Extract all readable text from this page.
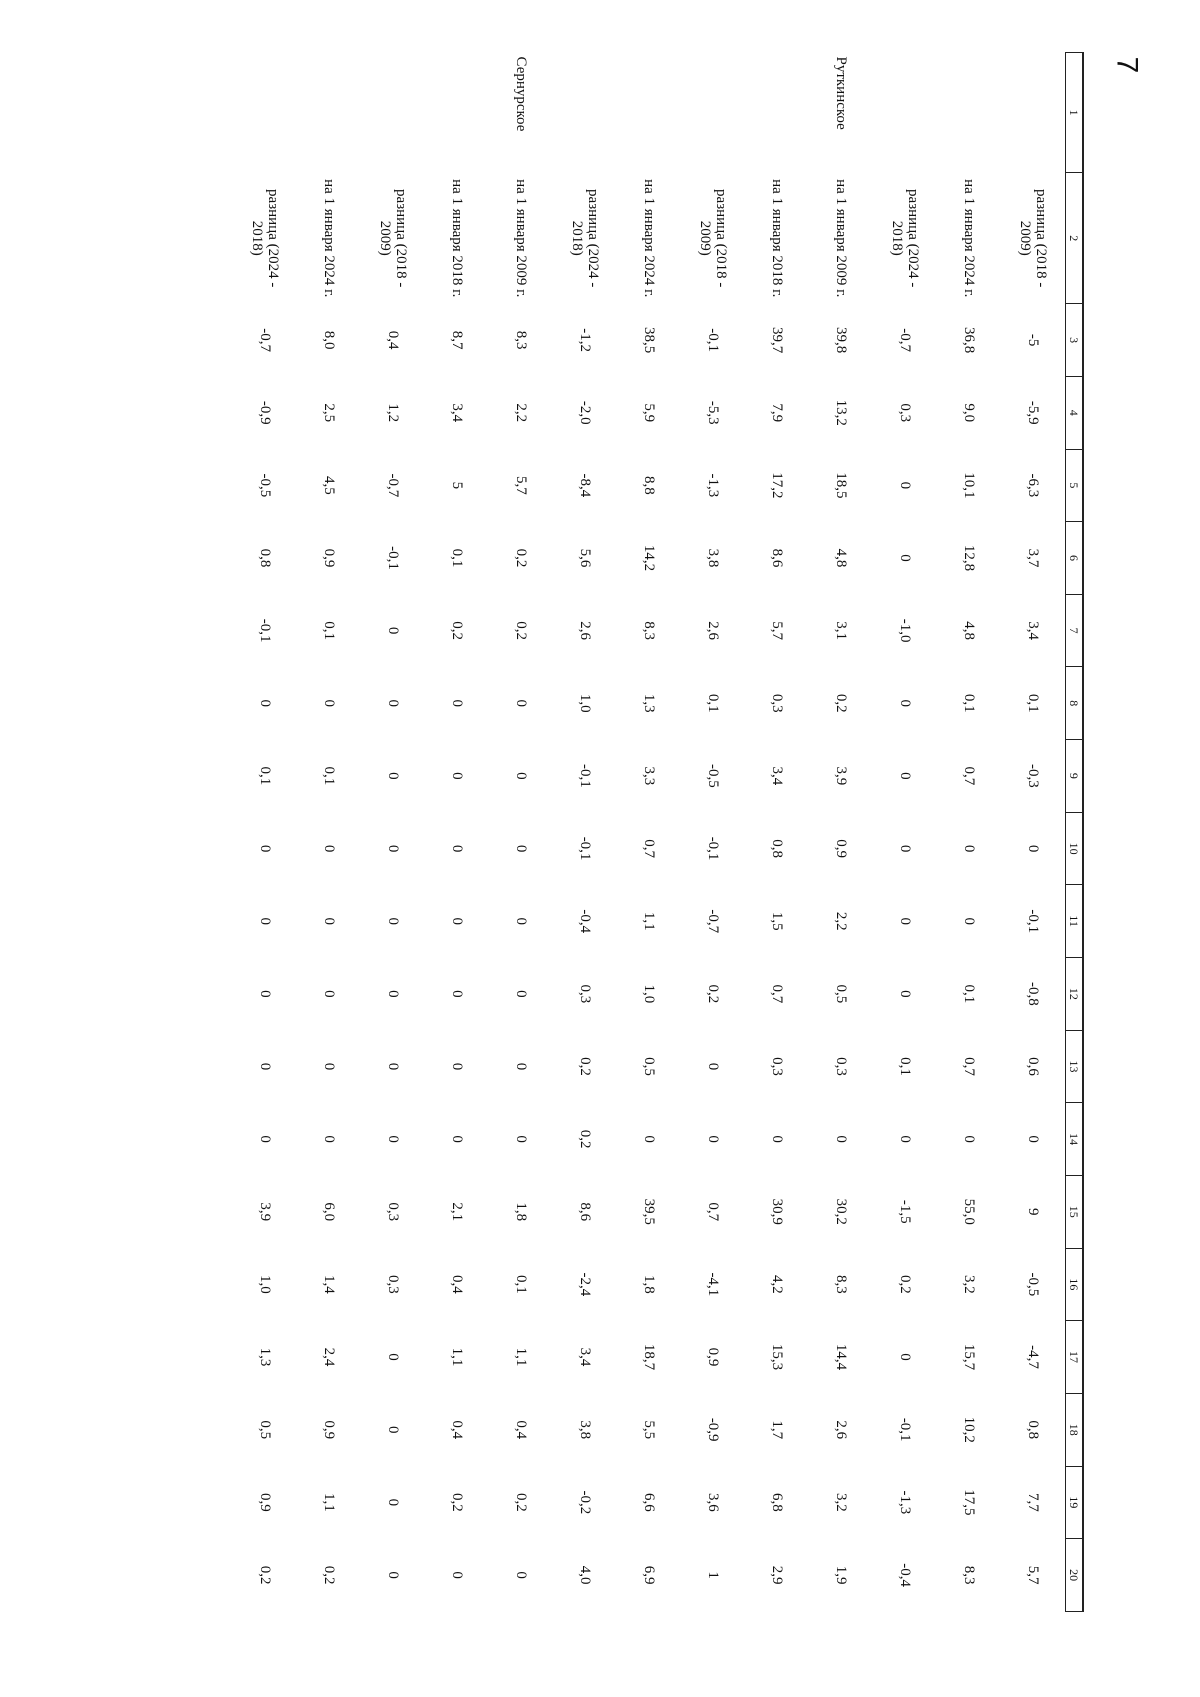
7
1	2	3	4	5	6	7	8	9	10	11	12	13	14	15	16	17	18	19	20
	разница (2018 - 2009)	-5	-5,9	-6,3	3,7	3,4	0,1	-0,3	0	-0,1	-0,8	0,6	0	9	-0,5	-4,7	0,8	7,7	5,7
	на 1 января 2024 г.	36,8	9,0	10,1	12,8	4,8	0,1	0,7	0	0	0,1	0,7	0	55,0	3,2	15,7	10,2	17,5	8,3
	разница (2024 - 2018)	-0,7	0,3	0	0	-1,0	0	0	0	0	0	0,1	0	-1,5	0,2	0	-0,1	-1,3	-0,4
Руткинское	на 1 января 2009 г.	39,8	13,2	18,5	4,8	3,1	0,2	3,9	0,9	2,2	0,5	0,3	0	30,2	8,3	14,4	2,6	3,2	1,9
	на 1 января 2018 г.	39,7	7,9	17,2	8,6	5,7	0,3	3,4	0,8	1,5	0,7	0,3	0	30,9	4,2	15,3	1,7	6,8	2,9
	разница (2018 - 2009)	-0,1	-5,3	-1,3	3,8	2,6	0,1	-0,5	-0,1	-0,7	0,2	0	0	0,7	-4,1	0,9	-0,9	3,6	1
	на 1 января 2024 г.	38,5	5,9	8,8	14,2	8,3	1,3	3,3	0,7	1,1	1,0	0,5	0	39,5	1,8	18,7	5,5	6,6	6,9
	разница (2024 - 2018)	-1,2	-2,0	-8,4	5,6	2,6	1,0	-0,1	-0,1	-0,4	0,3	0,2	0,2	8,6	-2,4	3,4	3,8	-0,2	4,0
Сернурское	на 1 января 2009 г.	8,3	2,2	5,7	0,2	0,2	0	0	0	0	0	0	0	1,8	0,1	1,1	0,4	0,2	0
	на 1 января 2018 г.	8,7	3,4	5	0,1	0,2	0	0	0	0	0	0	0	2,1	0,4	1,1	0,4	0,2	0
	разница (2018 - 2009)	0,4	1,2	-0,7	-0,1	0	0	0	0	0	0	0	0	0,3	0,3	0	0	0	0
	на 1 января 2024 г.	8,0	2,5	4,5	0,9	0,1	0	0,1	0	0	0	0	0	6,0	1,4	2,4	0,9	1,1	0,2
	разница (2024 - 2018)	-0,7	-0,9	-0,5	0,8	-0,1	0	0,1	0	0	0	0	0	3,9	1,0	1,3	0,5	0,9	0,2
